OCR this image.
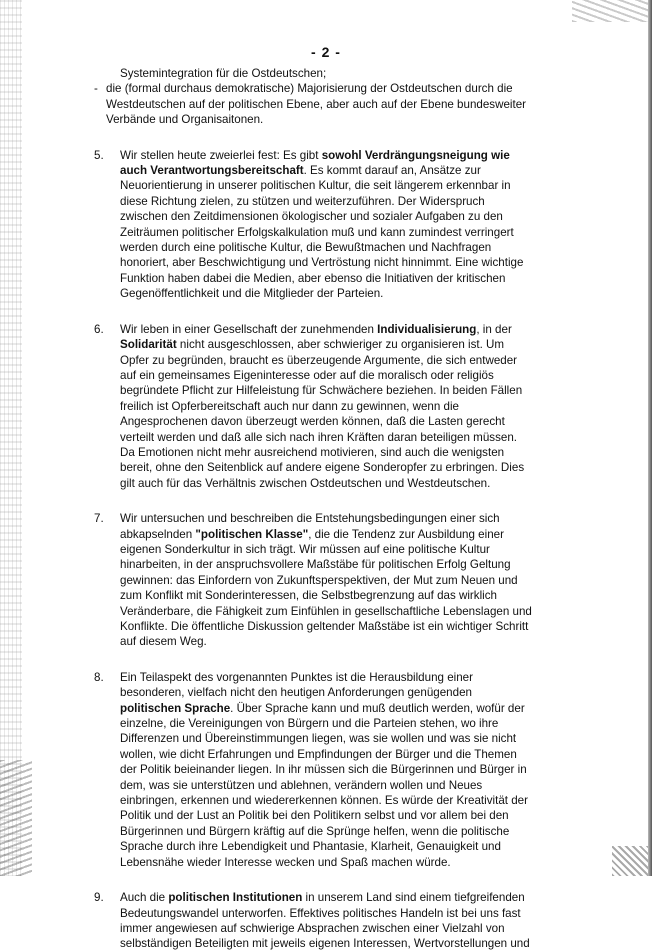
- 2 -

Systemintegration für die Ostdeutschen;

- die (formal durchaus demokratische) Majorisierung der Ostdeutschen durch die Westdeutschen auf der politischen Ebene, aber auch auf der Ebene bundesweiter Verbände und Organisaitonen.
5.	Wir stellen heute zweierlei fest: Es gibt sowohl Verdrängungsneigung wie auch Verantwortungsbereitschaft. Es kommt darauf an, Ansätze zur Neuorientierung in unserer politischen Kultur, die seit längerem erkennbar in diese Richtung zielen, zu stützen und weiterzuführen. Der Widerspruch zwischen den Zeitdimensionen ökologischer und sozialer Aufgaben zu den Zeiträumen politischer Erfolgskalkulation muß und kann zumindest verringert werden durch eine politische Kultur, die Bewußtmachen und Nachfragen honoriert, aber Beschwichtigung und Vertröstung nicht hinnimmt. Eine wichtige Funktion haben dabei die Medien, aber ebenso die Initiativen der kritischen Gegenöffentlichkeit und die Mitglieder der Parteien.

6.	Wir leben in einer Gesellschaft der zunehmenden Individualisierung, in der Solidarität nicht ausgeschlossen, aber schwieriger zu organisieren ist. Um Opfer zu begründen, braucht es überzeugende Argumente, die sich entweder auf ein gemeinsames Eigeninteresse oder auf die moralisch oder religiös begründete Pflicht zur Hilfeleistung für Schwächere beziehen. In beiden Fällen freilich ist Opferbereitschaft auch nur dann zu gewinnen, wenn die Angesprochenen davon überzeugt werden können, daß die Lasten gerecht verteilt werden und daß alle sich nach ihren Kräften daran beteiligen müssen. Da Emotionen nicht mehr ausreichend motivieren, sind auch die wenigsten bereit, ohne den Seitenblick auf andere eigene Sonderopfer zu erbringen. Dies gilt auch für das Verhältnis zwischen Ostdeutschen und Westdeutschen.

7.	Wir untersuchen und beschreiben die Entstehungsbedingungen einer sich abkapselnden "politischen Klasse", die die Tendenz zur Ausbildung einer eigenen Sonderkultur in sich trägt. Wir müssen auf eine politische Kultur hinarbeiten, in der anspruchsvollere Maßstäbe für politischen Erfolg Geltung gewinnen: das Einfordern von Zukunftsperspektiven, der Mut zum Neuen und zum Konflikt mit Sonderinteressen, die Selbstbegrenzung auf das wirklich Veränderbare, die Fähigkeit zum Einfühlen in gesellschaftliche Lebenslagen und Konflikte. Die öffentliche Diskussion geltender Maßstäbe ist ein wichtiger Schritt auf diesem Weg.

8.	Ein Teilaspekt des vorgenannten Punktes ist die Herausbildung einer besonderen, vielfach nicht den heutigen Anforderungen genügenden politischen Sprache. Über Sprache kann und muß deutlich werden, wofür der einzelne, die Vereinigungen von Bürgern und die Parteien stehen, wo ihre Differenzen und Übereinstimmungen liegen, was sie wollen und was sie nicht wollen, wie dicht Erfahrungen und Empfindungen der Bürger und die Themen der Politik beieinander liegen. In ihr müssen sich die Bürgerinnen und Bürger in dem, was sie unterstützen und ablehnen, verändern wollen und Neues einbringen, erkennen und wiedererkennen können. Es würde der Kreativität der Politik und der Lust an Politik bei den Politikern selbst und vor allem bei den Bürgerinnen und Bürgern kräftig auf die Sprünge helfen, wenn die politische Sprache durch ihre Lebendigkeit und Phantasie, Klarheit, Genauigkeit und Lebensnähe wieder Interesse wecken und Spaß machen würde.

9.	Auch die politischen Institutionen in unserem Land sind einem tiefgreifenden Bedeutungswandel unterworfen. Effektives politisches Handeln ist bei uns fast immer angewiesen auf schwierige Absprachen zwischen einer Vielzahl von selbständigen Beteiligten mit jeweils eigenen Interessen, Wertvorstellungen und
